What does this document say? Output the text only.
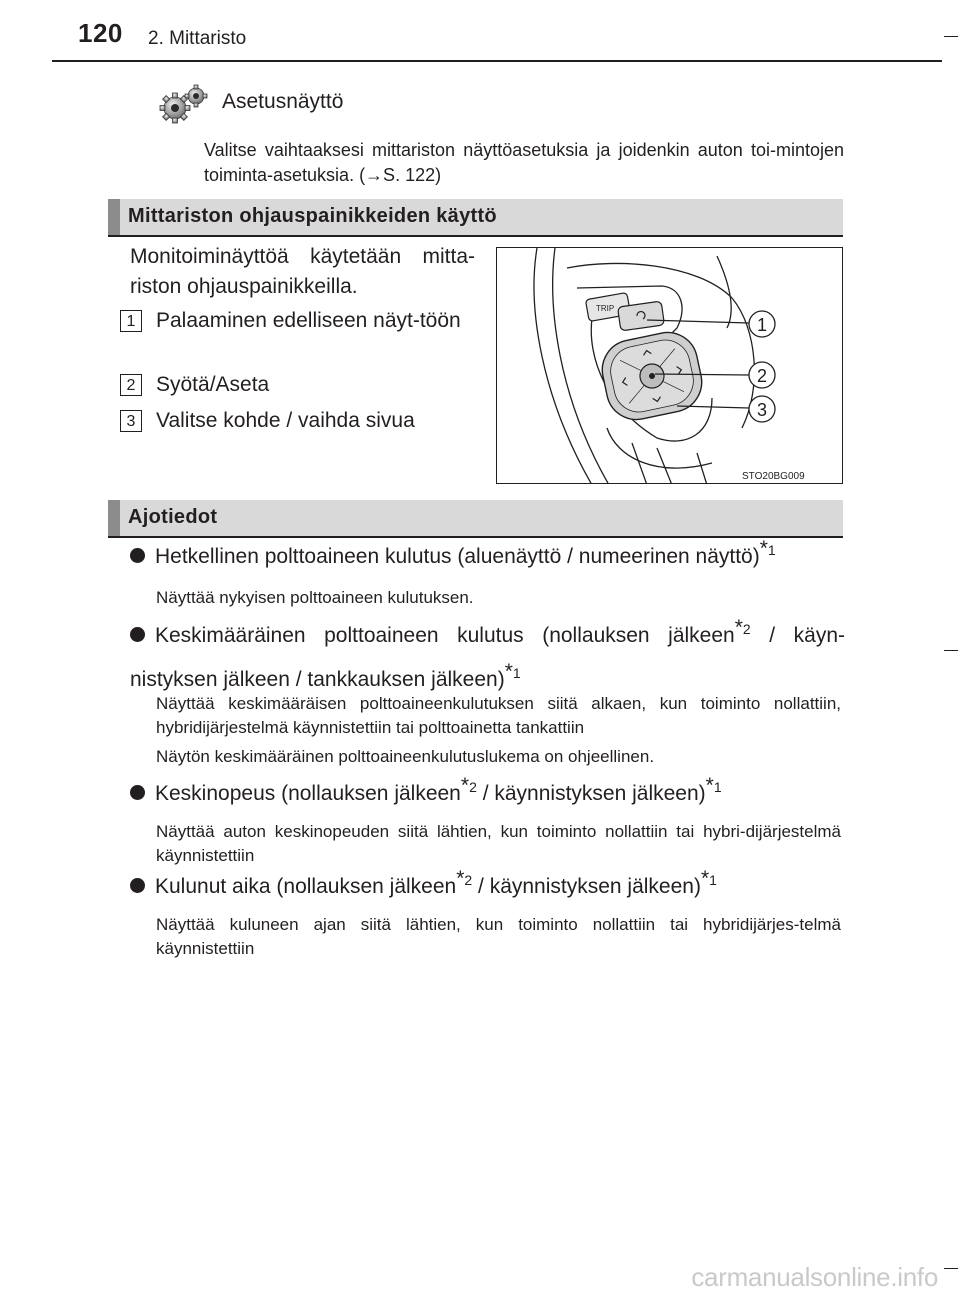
120 2. Mittaristo
Asetusnäyttö
Valitse vaihtaaksesi mittariston näyttöasetuksia ja joidenkin auton toi-mintojen toiminta-asetuksia. (→S. 122)
Mittariston ohjauspainikkeiden käyttö
Monitoiminäyttöä käytetään mitta-riston ohjauspainikkeilla.
1 Palaaminen edelliseen näyt-töön
2 Syötä/Aseta
3 Valitse kohde / vaihda sivua
TRIP
1
2
3
STO20BG009
Ajotiedot
Hetkellinen polttoaineen kulutus (aluenäyttö / numeerinen näyttö)$^{*1}$
Näyttää nykyisen polttoaineen kulutuksen.
Keskimääräinen polttoaineen kulutus (nollauksen jälkeen$^{*2}$ / käyn-nistyksen jälkeen / tankkauksen jälkeen)$^{*1}$
Näyttää keskimääräisen polttoaineenkulutuksen siitä alkaen, kun toiminto nollattiin, hybridijärjestelmä käynnistettiin tai polttoainetta tankattiin
Näytön keskimääräinen polttoaineenkulutuslukema on ohjeellinen.
Keskinopeus (nollauksen jälkeen$^{*2}$ / käynnistyksen jälkeen)$^{*1}$
Näyttää auton keskinopeuden siitä lähtien, kun toiminto nollattiin tai hybri-dijärjestelmä käynnistettiin
Kulunut aika (nollauksen jälkeen$^{*2}$ / käynnistyksen jälkeen)$^{*1}$
Näyttää kuluneen ajan siitä lähtien, kun toiminto nollattiin tai hybridijärjes-telmä käynnistettiin
carmanualsonline.info
